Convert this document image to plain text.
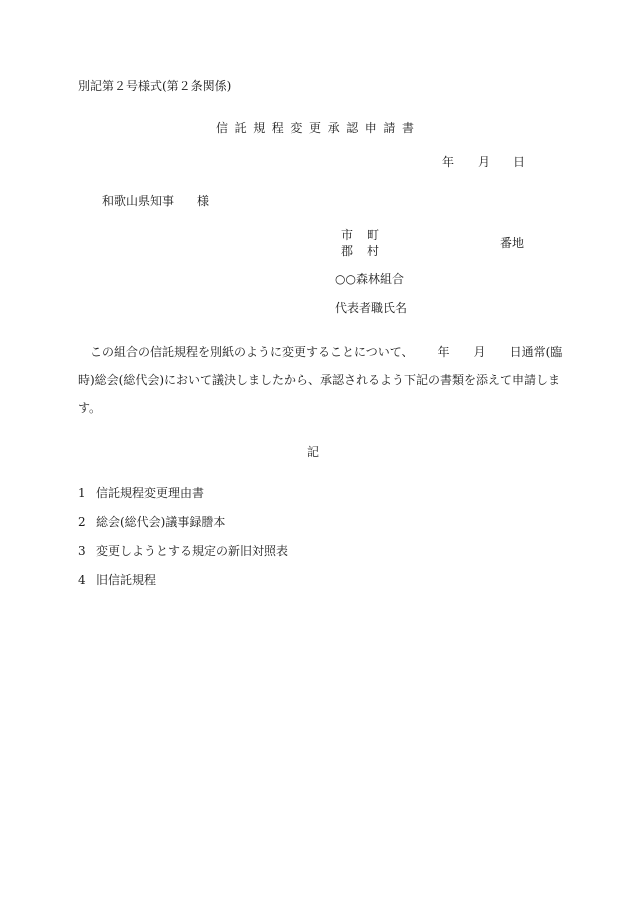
別記第２号様式(第２条関係)
信託規程変更承認申請書
年 月 日
和歌山県知事 様
市 町
郡 村
番地
○○森林組合
代表者職氏名
この組合の信託規程を別紙のように変更することについて、 年 月 日通常(臨
時)総会(総代会)において議決しましたから、承認されるよう下記の書類を添えて申請しま
す。
記
1 信託規程変更理由書
2 総会(総代会)議事録謄本
3 変更しようとする規定の新旧対照表
4 旧信託規程
